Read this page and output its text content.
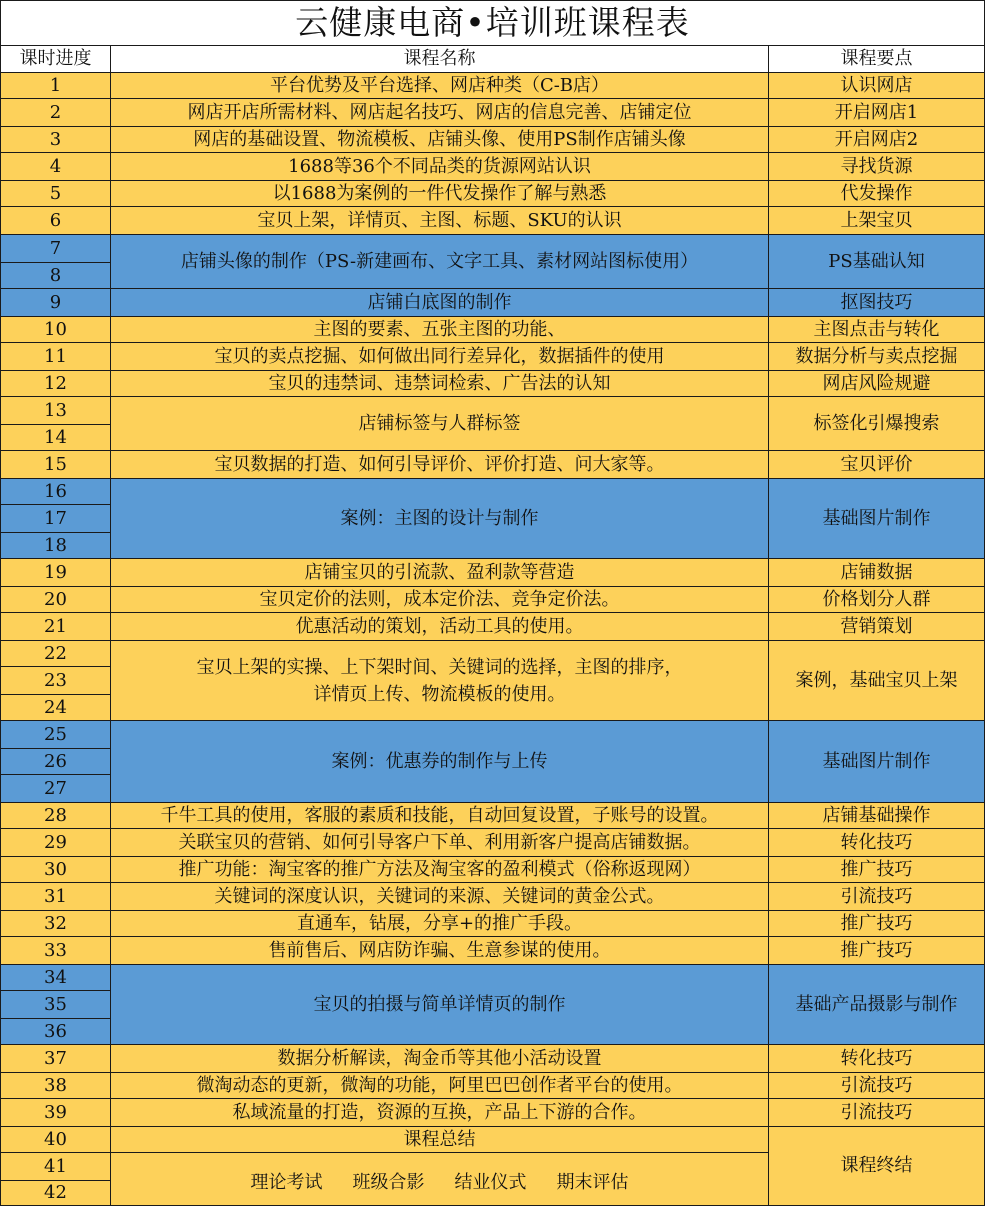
云健康电商•培训班课程表		
课时进度	课程名称	课程要点
1	平台优势及平台选择、网店种类（C-B店）	认识网店
2	网店开店所需材料、网店起名技巧、网店的信息完善、店铺定位	开启网店1
3	网店的基础设置、物流模板、店铺头像、使用PS制作店铺头像	开启网店2
4	1688等36个不同品类的货源网站认识	寻找货源
5	以1688为案例的一件代发操作了解与熟悉	代发操作
6	宝贝上架，详情页、主图、标题、SKU的认识	上架宝贝
7	店铺头像的制作（PS-新建画布、文字工具、素材网站图标使用）	PS基础认知
8		
9	店铺白底图的制作	抠图技巧
10	主图的要素、五张主图的功能、	主图点击与转化
11	宝贝的卖点挖掘、如何做出同行差异化，数据插件的使用	数据分析与卖点挖掘
12	宝贝的违禁词、违禁词检索、广告法的认知	网店风险规避
13	店铺标签与人群标签	标签化引爆搜索
14		
15	宝贝数据的打造、如何引导评价、评价打造、问大家等。	宝贝评价
16	案例：主图的设计与制作	基础图片制作
17		
18		
19	店铺宝贝的引流款、盈利款等营造	店铺数据
20	宝贝定价的法则，成本定价法、竞争定价法。	价格划分人群
21	优惠活动的策划，活动工具的使用。	营销策划
22	宝贝上架的实操、上下架时间、关键词的选择，主图的排序，
详情页上传、物流模板的使用。	案例，基础宝贝上架
23		
24		
25	案例：优惠券的制作与上传	基础图片制作
26		
27		
28	千牛工具的使用，客服的素质和技能，自动回复设置，子账号的设置。	店铺基础操作
29	关联宝贝的营销、如何引导客户下单、利用新客户提高店铺数据。	转化技巧
30	推广功能：淘宝客的推广方法及淘宝客的盈利模式（俗称返现网）	推广技巧
31	关键词的深度认识，关键词的来源、关键词的黄金公式。	引流技巧
32	直通车，钻展，分享+的推广手段。	推广技巧
33	售前售后、网店防诈骗、生意参谋的使用。	推广技巧
34	宝贝的拍摄与简单详情页的制作	基础产品摄影与制作
35		
36		
37	数据分析解读，淘金币等其他小活动设置	转化技巧
38	微淘动态的更新，微淘的功能，阿里巴巴创作者平台的使用。	引流技巧
39	私域流量的打造，资源的互换，产品上下游的合作。	引流技巧
40	课程总结	课程终结
41	理论考试 班级合影 结业仪式 期末评估	
42		
